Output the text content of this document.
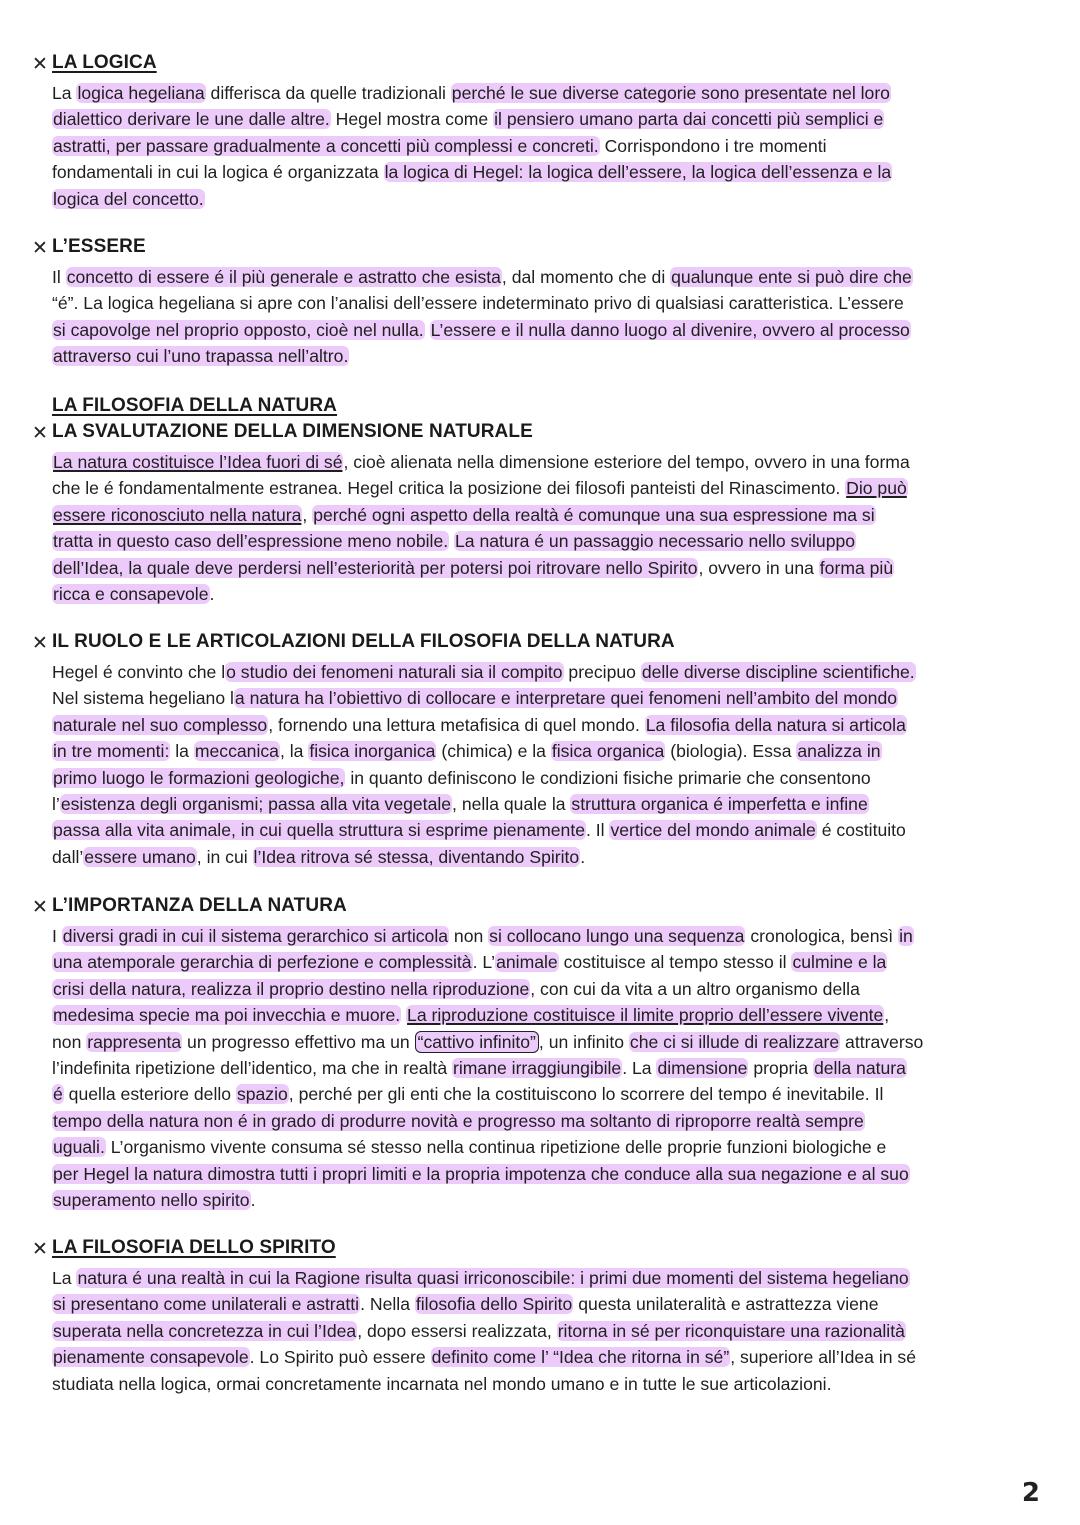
✕ LA LOGICA
La logica hegeliana differisca da quelle tradizionali perché le sue diverse categorie sono presentate nel loro
dialettico derivare le une dalle altre. Hegel mostra come il pensiero umano parta dai concetti più semplici e
astratti, per passare gradualmente a concetti più complessi e concreti. Corrispondono i tre momenti
fondamentali in cui la logica é organizzata la logica di Hegel: la logica dell’essere, la logica dell’essenza e la
logica del concetto.
✕ L’ESSERE
Il concetto di essere é il più generale e astratto che esista, dal momento che di qualunque ente si può dire che
“é”. La logica hegeliana si apre con l’analisi dell’essere indeterminato privo di qualsiasi caratteristica. L’essere
si capovolge nel proprio opposto, cioè nel nulla. L’essere e il nulla danno luogo al divenire, ovvero al processo
attraverso cui l’uno trapassa nell’altro.
LA FILOSOFIA DELLA NATURA
✕ LA SVALUTAZIONE DELLA DIMENSIONE NATURALE
La natura costituisce l’Idea fuori di sé, cioè alienata nella dimensione esteriore del tempo, ovvero in una forma
che le é fondamentalmente estranea. Hegel critica la posizione dei filosofi panteisti del Rinascimento. Dio può
essere riconosciuto nella natura, perché ogni aspetto della realtà é comunque una sua espressione ma si
tratta in questo caso dell’espressione meno nobile. La natura é un passaggio necessario nello sviluppo
dell’Idea, la quale deve perdersi nell’esteriorità per potersi poi ritrovare nello Spirito, ovvero in una forma più
ricca e consapevole.
✕ IL RUOLO E LE ARTICOLAZIONI DELLA FILOSOFIA DELLA NATURA
Hegel é convinto che lo studio dei fenomeni naturali sia il compito precipuo delle diverse discipline scientifiche.
Nel sistema hegeliano la natura ha l’obiettivo di collocare e interpretare quei fenomeni nell’ambito del mondo
naturale nel suo complesso, fornendo una lettura metafisica di quel mondo. La filosofia della natura si articola
in tre momenti: la meccanica, la fisica inorganica (chimica) e la fisica organica (biologia). Essa analizza in
primo luogo le formazioni geologiche, in quanto definiscono le condizioni fisiche primarie che consentono
l’esistenza degli organismi; passa alla vita vegetale, nella quale la struttura organica é imperfetta e infine
passa alla vita animale, in cui quella struttura si esprime pienamente. Il vertice del mondo animale é costituito
dall’essere umano, in cui l’Idea ritrova sé stessa, diventando Spirito.
✕ L’IMPORTANZA DELLA NATURA
I diversi gradi in cui il sistema gerarchico si articola non si collocano lungo una sequenza cronologica, bensì in
una atemporale gerarchia di perfezione e complessità. L’animale costituisce al tempo stesso il culmine e la
crisi della natura, realizza il proprio destino nella riproduzione, con cui da vita a un altro organismo della
medesima specie ma poi invecchia e muore. La riproduzione costituisce il limite proprio dell’essere vivente,
non rappresenta un progresso effettivo ma un “cattivo infinito” , un infinito che ci si illude di realizzare attraverso
l’indefinita ripetizione dell’identico, ma che in realtà rimane irraggiungibile. La dimensione propria della natura
é quella esteriore dello spazio, perché per gli enti che la costituiscono lo scorrere del tempo é inevitabile. Il
tempo della natura non é in grado di produrre novità e progresso ma soltanto di riproporre realtà sempre
uguali. L’organismo vivente consuma sé stesso nella continua ripetizione delle proprie funzioni biologiche e
per Hegel la natura dimostra tutti i propri limiti e la propria impotenza che conduce alla sua negazione e al suo
superamento nello spirito.
✕ LA FILOSOFIA DELLO SPIRITO
La natura é una realtà in cui la Ragione risulta quasi irriconoscibile: i primi due momenti del sistema hegeliano
si presentano come unilaterali e astratti. Nella filosofia dello Spirito questa unilateralità e astrattezza viene
superata nella concretezza in cui l’Idea, dopo essersi realizzata, ritorna in sé per riconquistare una razionalità
pienamente consapevole. Lo Spirito può essere definito come l’ “Idea che ritorna in sé”, superiore all’Idea in sé
studiata nella logica, ormai concretamente incarnata nel mondo umano e in tutte le sue articolazioni.
2
